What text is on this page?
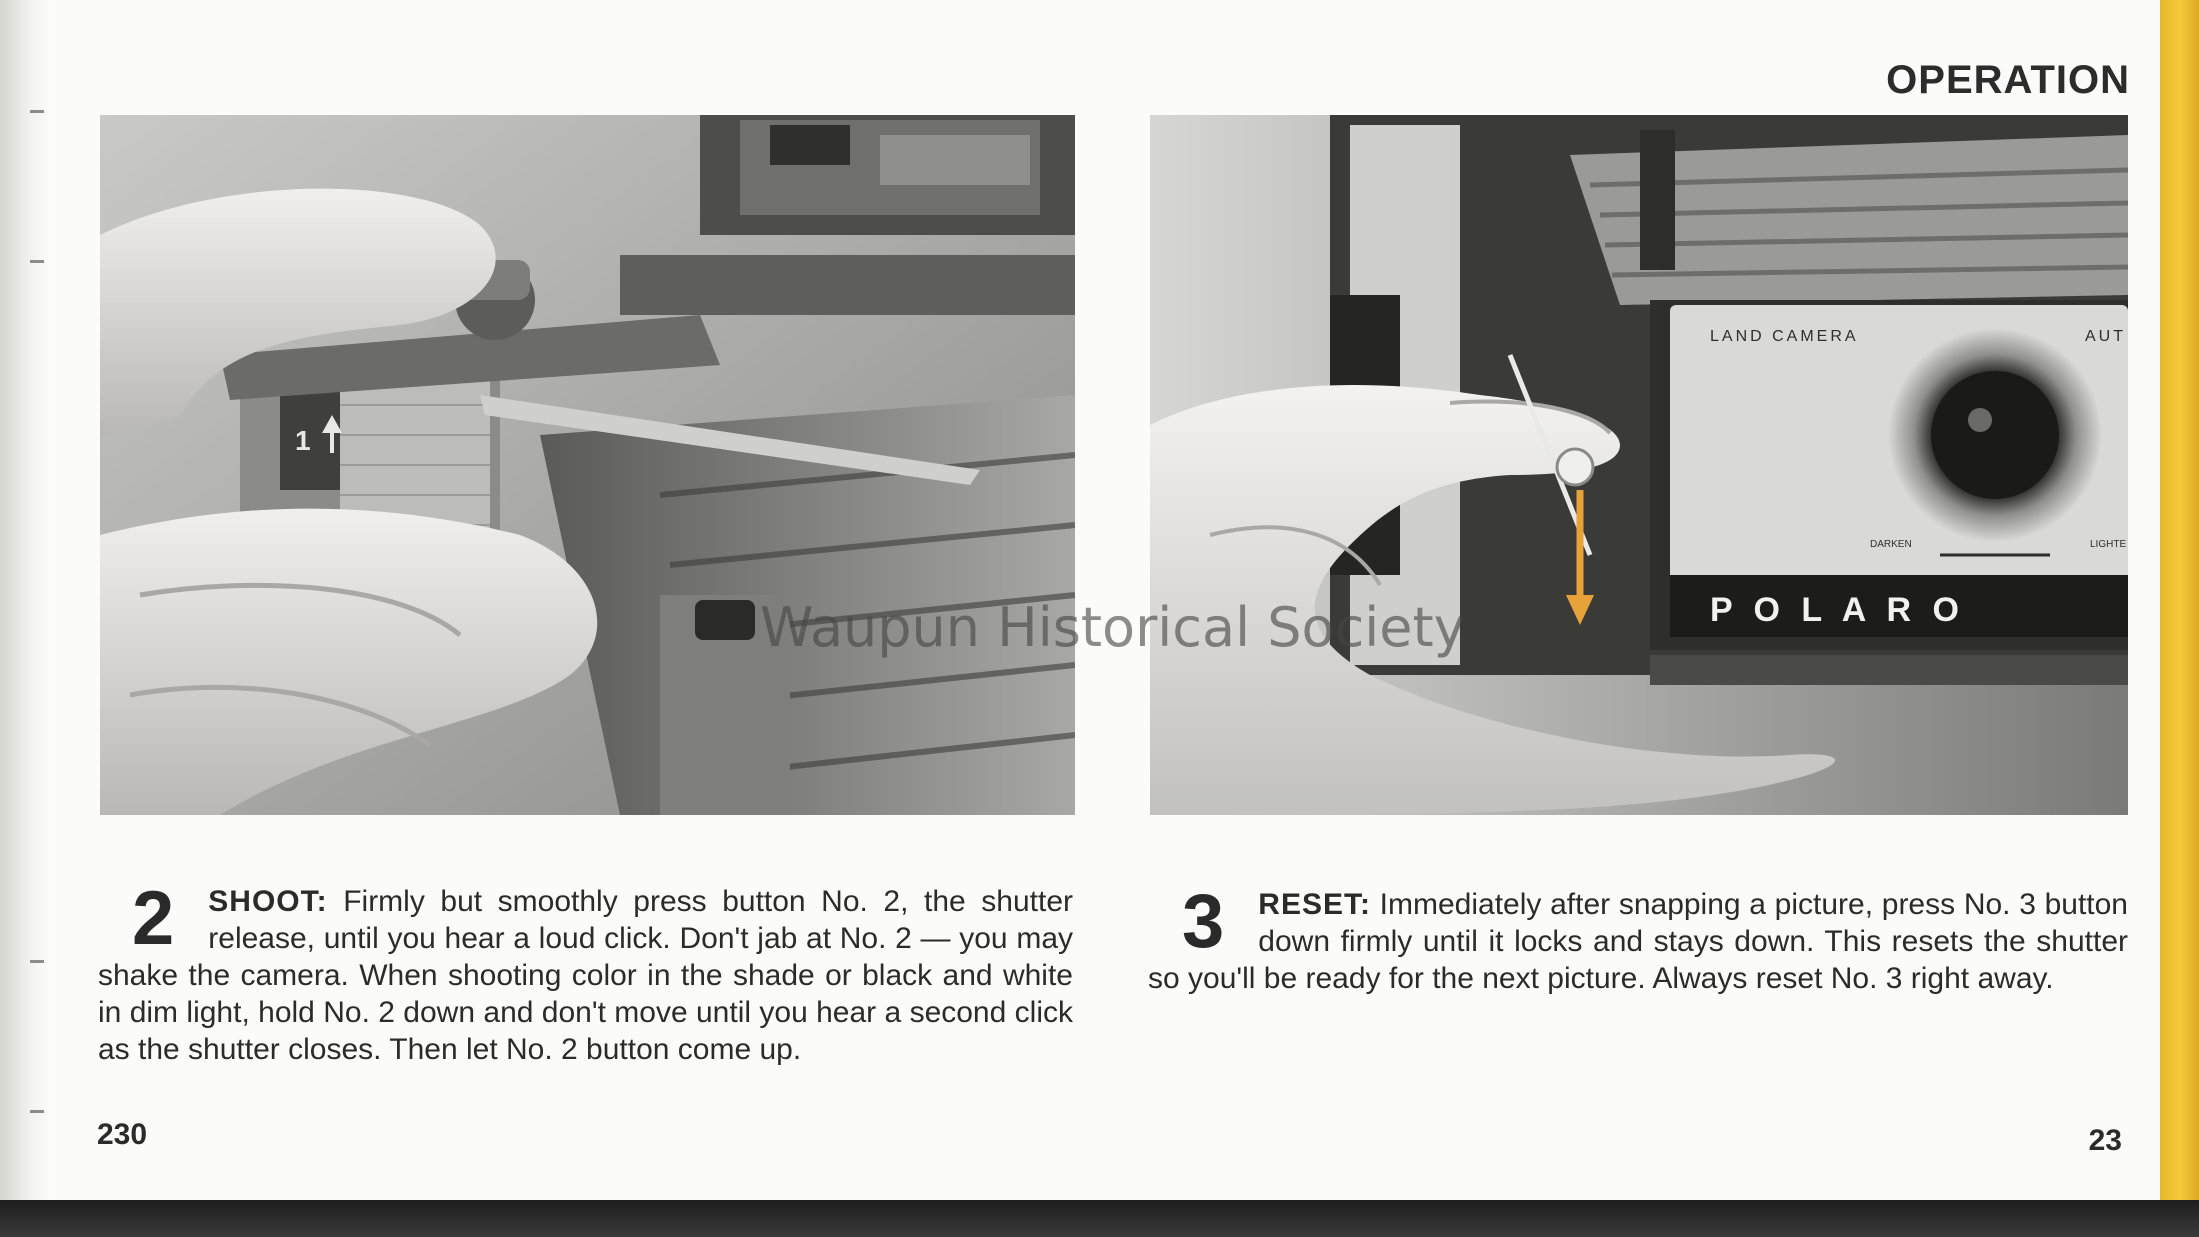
OPERATION
1
LAND CAMERA	AUT
DARKEN	LIGHTE
P O L A R O
Waupun Historical Society
2	SHOOT: Firmly but smoothly press button No. 2, the shutter release, until you hear a loud click. Don't jab at No. 2 — you may shake the camera. When shooting color in the shade or black and white in dim light, hold No. 2 down and don't move until you hear a second click as the shutter closes. Then let No. 2 button come up.

3	RESET: Immediately after snapping a picture, press No. 3 button down firmly until it locks and stays down. This resets the shutter so you'll be ready for the next picture. Always reset No. 3 right away.

230	23
